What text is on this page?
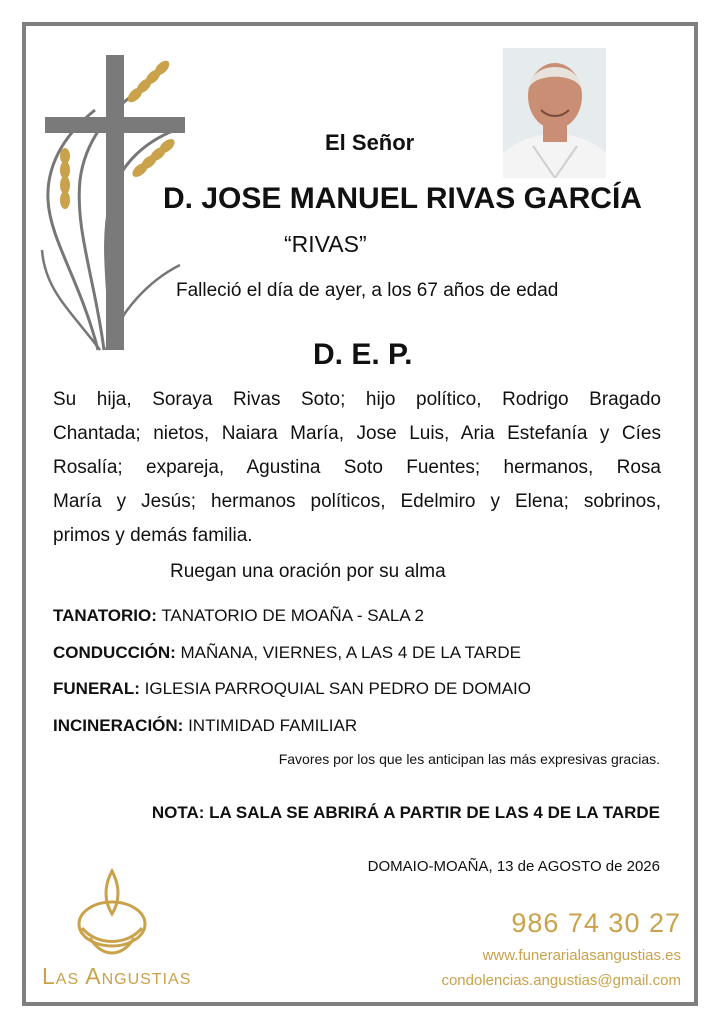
El Señor
D. JOSE MANUEL RIVAS GARCÍA
“RIVAS”
Falleció el día de ayer, a los 67 años de edad
D. E. P.
Su hija, Soraya Rivas Soto; hijo político, Rodrigo Bragado
Chantada; nietos, Naiara María, Jose Luis, Aria Estefanía y Cíes
Rosalía; expareja, Agustina Soto Fuentes; hermanos, Rosa
María y Jesús; hermanos políticos, Edelmiro y Elena; sobrinos,
primos y demás familia.
Ruegan una oración por su alma
TANATORIO: TANATORIO DE MOAÑA - SALA 2
CONDUCCIÓN: MAÑANA, VIERNES, A LAS 4 DE LA TARDE
FUNERAL: IGLESIA PARROQUIAL SAN PEDRO DE DOMAIO
INCINERACIÓN: INTIMIDAD FAMILIAR
Favores por los que les anticipan las más expresivas gracias.
NOTA: LA SALA SE ABRIRÁ A PARTIR DE LAS 4 DE LA TARDE
DOMAIO-MOAÑA, 13 de AGOSTO de 2026
Las Angustias
986 74 30 27
www.funerarialasangustias.es
condolencias.angustias@gmail.com
